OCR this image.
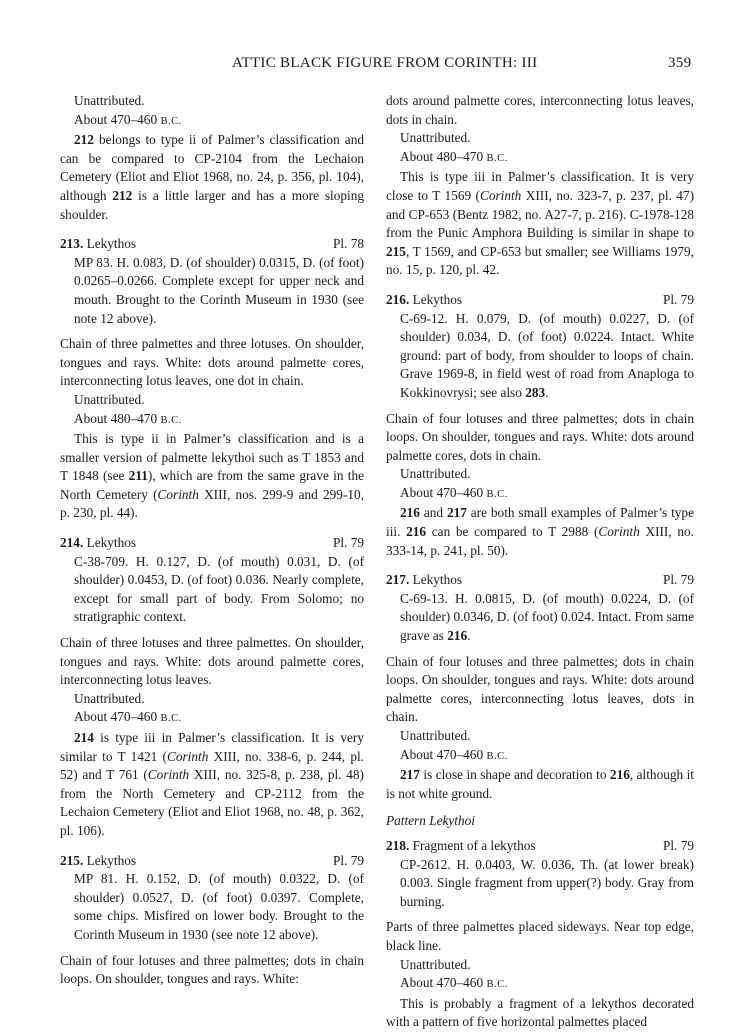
ATTIC BLACK FIGURE FROM CORINTH: III	359

Unattributed.

About 470–460 B.C.

212 belongs to type ii of Palmer’s classification and can be compared to CP-2104 from the Lechaion Cemetery (Eliot and Eliot 1968, no. 24, p. 356, pl. 104), although 212 is a little larger and has a more sloping shoulder.

213. Lekythos	Pl. 78

MP 83. H. 0.083, D. (of shoulder) 0.0315, D. (of foot) 0.0265–0.0266. Complete except for upper neck and mouth. Brought to the Corinth Museum in 1930 (see note 12 above).

Chain of three palmettes and three lotuses. On shoulder, tongues and rays. White: dots around palmette cores, interconnecting lotus leaves, one dot in chain.

Unattributed.

About 480–470 B.C.

This is type ii in Palmer’s classification and is a smaller version of palmette lekythoi such as T 1853 and T 1848 (see 211), which are from the same grave in the North Cemetery (Corinth XIII, nos. 299-9 and 299-10, p. 230, pl. 44).

214. Lekythos	Pl. 79

C-38-709. H. 0.127, D. (of mouth) 0.031, D. (of shoulder) 0.0453, D. (of foot) 0.036. Nearly complete, except for small part of body. From Solomo; no stratigraphic context.

Chain of three lotuses and three palmettes. On shoulder, tongues and rays. White: dots around palmette cores, interconnecting lotus leaves.

Unattributed.

About 470–460 B.C.

214 is type iii in Palmer’s classification. It is very similar to T 1421 (Corinth XIII, no. 338-6, p. 244, pl. 52) and T 761 (Corinth XIII, no. 325-8, p. 238, pl. 48) from the North Cemetery and CP-2112 from the Lechaion Cemetery (Eliot and Eliot 1968, no. 48, p. 362, pl. 106).

215. Lekythos	Pl. 79

MP 81. H. 0.152, D. (of mouth) 0.0322, D. (of shoulder) 0.0527, D. (of foot) 0.0397. Complete, some chips. Misfired on lower body. Brought to the Corinth Museum in 1930 (see note 12 above).

Chain of four lotuses and three palmettes; dots in chain loops. On shoulder, tongues and rays. White:

dots around palmette cores, interconnecting lotus leaves, dots in chain.

Unattributed.

About 480–470 B.C.

This is type iii in Palmer’s classification. It is very close to T 1569 (Corinth XIII, no. 323-7, p. 237, pl. 47) and CP-653 (Bentz 1982, no. A27-7, p. 216). C-1978-128 from the Punic Amphora Building is similar in shape to 215, T 1569, and CP-653 but smaller; see Williams 1979, no. 15, p. 120, pl. 42.

216. Lekythos	Pl. 79

C-69-12. H. 0.079, D. (of mouth) 0.0227, D. (of shoulder) 0.034, D. (of foot) 0.0224. Intact. White ground: part of body, from shoulder to loops of chain. Grave 1969-8, in field west of road from Anaploga to Kokkinovrysi; see also 283.

Chain of four lotuses and three palmettes; dots in chain loops. On shoulder, tongues and rays. White: dots around palmette cores, dots in chain.

Unattributed.

About 470–460 B.C.

216 and 217 are both small examples of Palmer’s type iii. 216 can be compared to T 2988 (Corinth XIII, no. 333-14, p. 241, pl. 50).

217. Lekythos	Pl. 79

C-69-13. H. 0.0815, D. (of mouth) 0.0224, D. (of shoulder) 0.0346, D. (of foot) 0.024. Intact. From same grave as 216.

Chain of four lotuses and three palmettes; dots in chain loops. On shoulder, tongues and rays. White: dots around palmette cores, interconnecting lotus leaves, dots in chain.

Unattributed.

About 470–460 B.C.

217 is close in shape and decoration to 216, although it is not white ground.

Pattern Lekythoi

218. Fragment of a lekythos	Pl. 79

CP-2612. H. 0.0403, W. 0.036, Th. (at lower break) 0.003. Single fragment from upper(?) body. Gray from burning.

Parts of three palmettes placed sideways. Near top edge, black line.

Unattributed.

About 470–460 B.C.

This is probably a fragment of a lekythos decorated with a pattern of five horizontal palmettes placed
